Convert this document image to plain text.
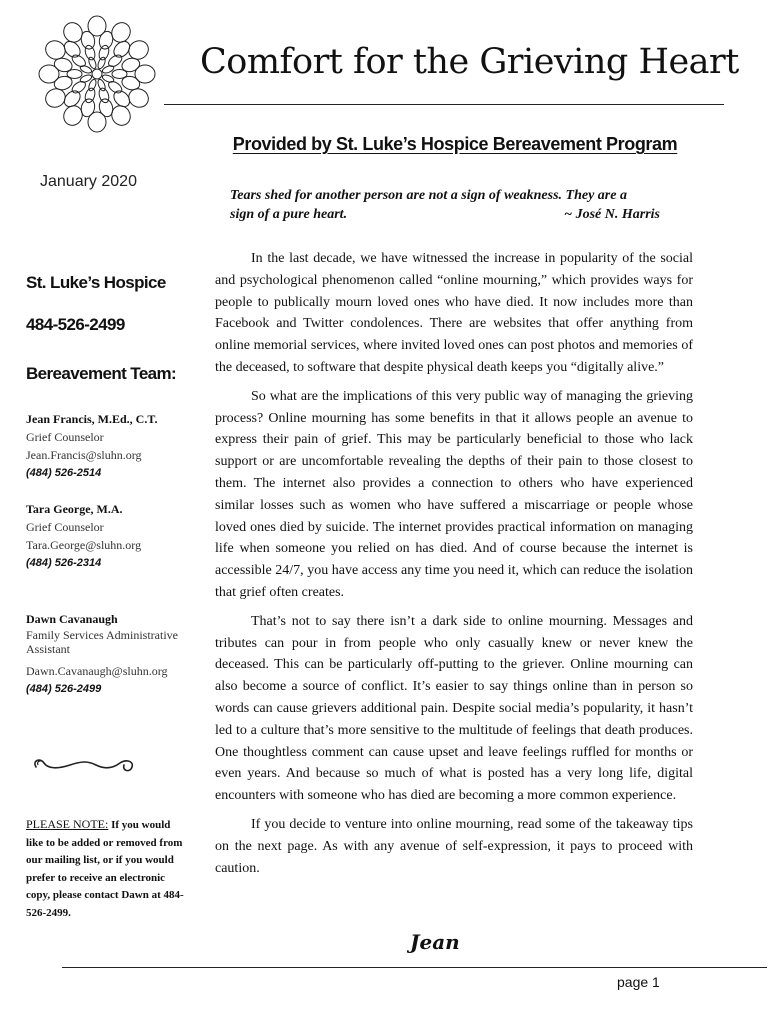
Comfort for the Grieving Heart
Provided by St. Luke’s Hospice Bereavement Program
January 2020
Tears shed for another person are not a sign of weakness. They are a
sign of a pure heart.	~ José N. Harris
St. Luke’s Hospice
484-526-2499
Bereavement Team:
Jean Francis, M.Ed., C.T.
Grief Counselor
Jean.Francis@sluhn.org
(484) 526-2514
Tara George, M.A.
Grief Counselor
Tara.George@sluhn.org
(484) 526-2314
Dawn Cavanaugh
Family Services Administrative Assistant
Dawn.Cavanaugh@sluhn.org
(484) 526-2499
PLEASE NOTE: If you would like to be added or removed from our mailing list, or if you would prefer to receive an electronic copy, please contact Dawn at 484-526-2499.

In the last decade, we have witnessed the increase in popularity of the social and psychological phenomenon called “online mourning,” which provides ways for people to publically mourn loved ones who have died. It now includes more than Facebook and Twitter condolences. There are websites that offer anything from online memorial services, where invited loved ones can post photos and memories of the deceased, to software that despite physical death keeps you “digitally alive.”

So what are the implications of this very public way of managing the grieving process? Online mourning has some benefits in that it allows people an avenue to express their pain of grief. This may be particularly beneficial to those who lack support or are uncomfortable revealing the depths of their pain to those closest to them. The internet also provides a connection to others who have experienced similar losses such as women who have suffered a miscarriage or people whose loved ones died by suicide. The internet provides practical information on managing life when someone you relied on has died. And of course because the internet is accessible 24/7, you have access any time you need it, which can reduce the isolation that grief often creates.

That’s not to say there isn’t a dark side to online mourning. Messages and tributes can pour in from people who only casually knew or never knew the deceased. This can be particularly off-putting to the griever. Online mourning can also become a source of conflict. It’s easier to say things online than in person so words can cause grievers additional pain. Despite social media’s popularity, it hasn’t led to a culture that’s more sensitive to the multitude of feelings that death produces. One thoughtless comment can cause upset and leave feelings ruffled for months or even years. And because so much of what is posted has a very long life, digital encounters with someone who has died are becoming a more common experience.

If you decide to venture into online mourning, read some of the takeaway tips on the next page. As with any avenue of self-expression, it pays to proceed with caution.

Jean
page 1
